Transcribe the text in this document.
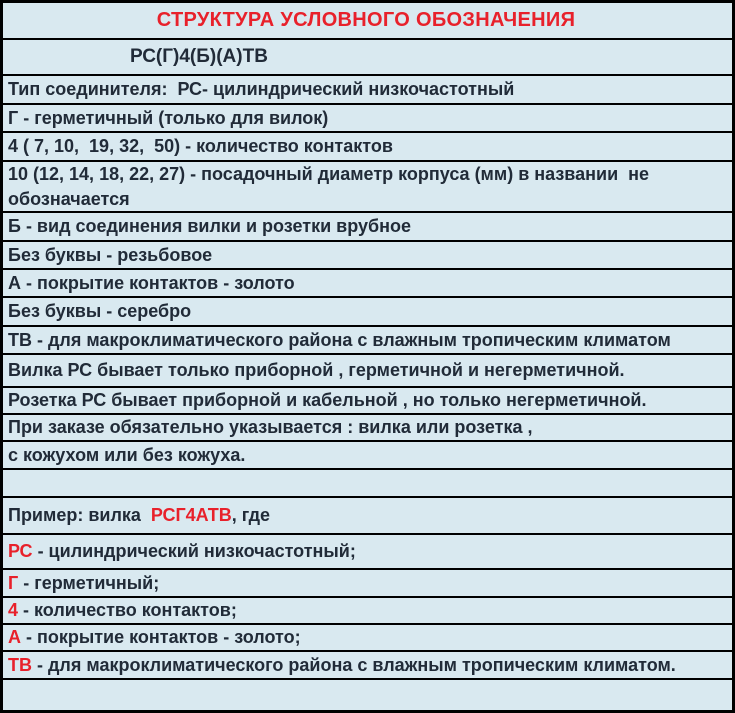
СТРУКТУРА УСЛОВНОГО ОБОЗНАЧЕНИЯ
РС(Г)4(Б)(А)ТВ
Тип соединителя:  РС- цилиндрический низкочастотный
Г - герметичный (только для вилок)
4 ( 7, 10,  19, 32,  50) - количество контактов
10 (12, 14, 18, 22, 27) - посадочный диаметр корпуса (мм) в названии  не
обозначается
Б - вид соединения вилки и розетки врубное
Без буквы - резьбовое
А - покрытие контактов - золото
Без буквы - серебро
ТВ - для макроклиматического района с влажным тропическим климатом
Вилка РС бывает только приборной , герметичной и негерметичной.
Розетка РС бывает приборной и кабельной , но только негерметичной.
При заказе обязательно указывается : вилка или розетка ,
с кожухом или без кожуха.
Пример: вилка  РСГ4АТВ, где
РС - цилиндрический низкочастотный;
Г - герметичный;
4 - количество контактов;
А - покрытие контактов - золото;
ТВ - для макроклиматического района с влажным тропическим климатом.
